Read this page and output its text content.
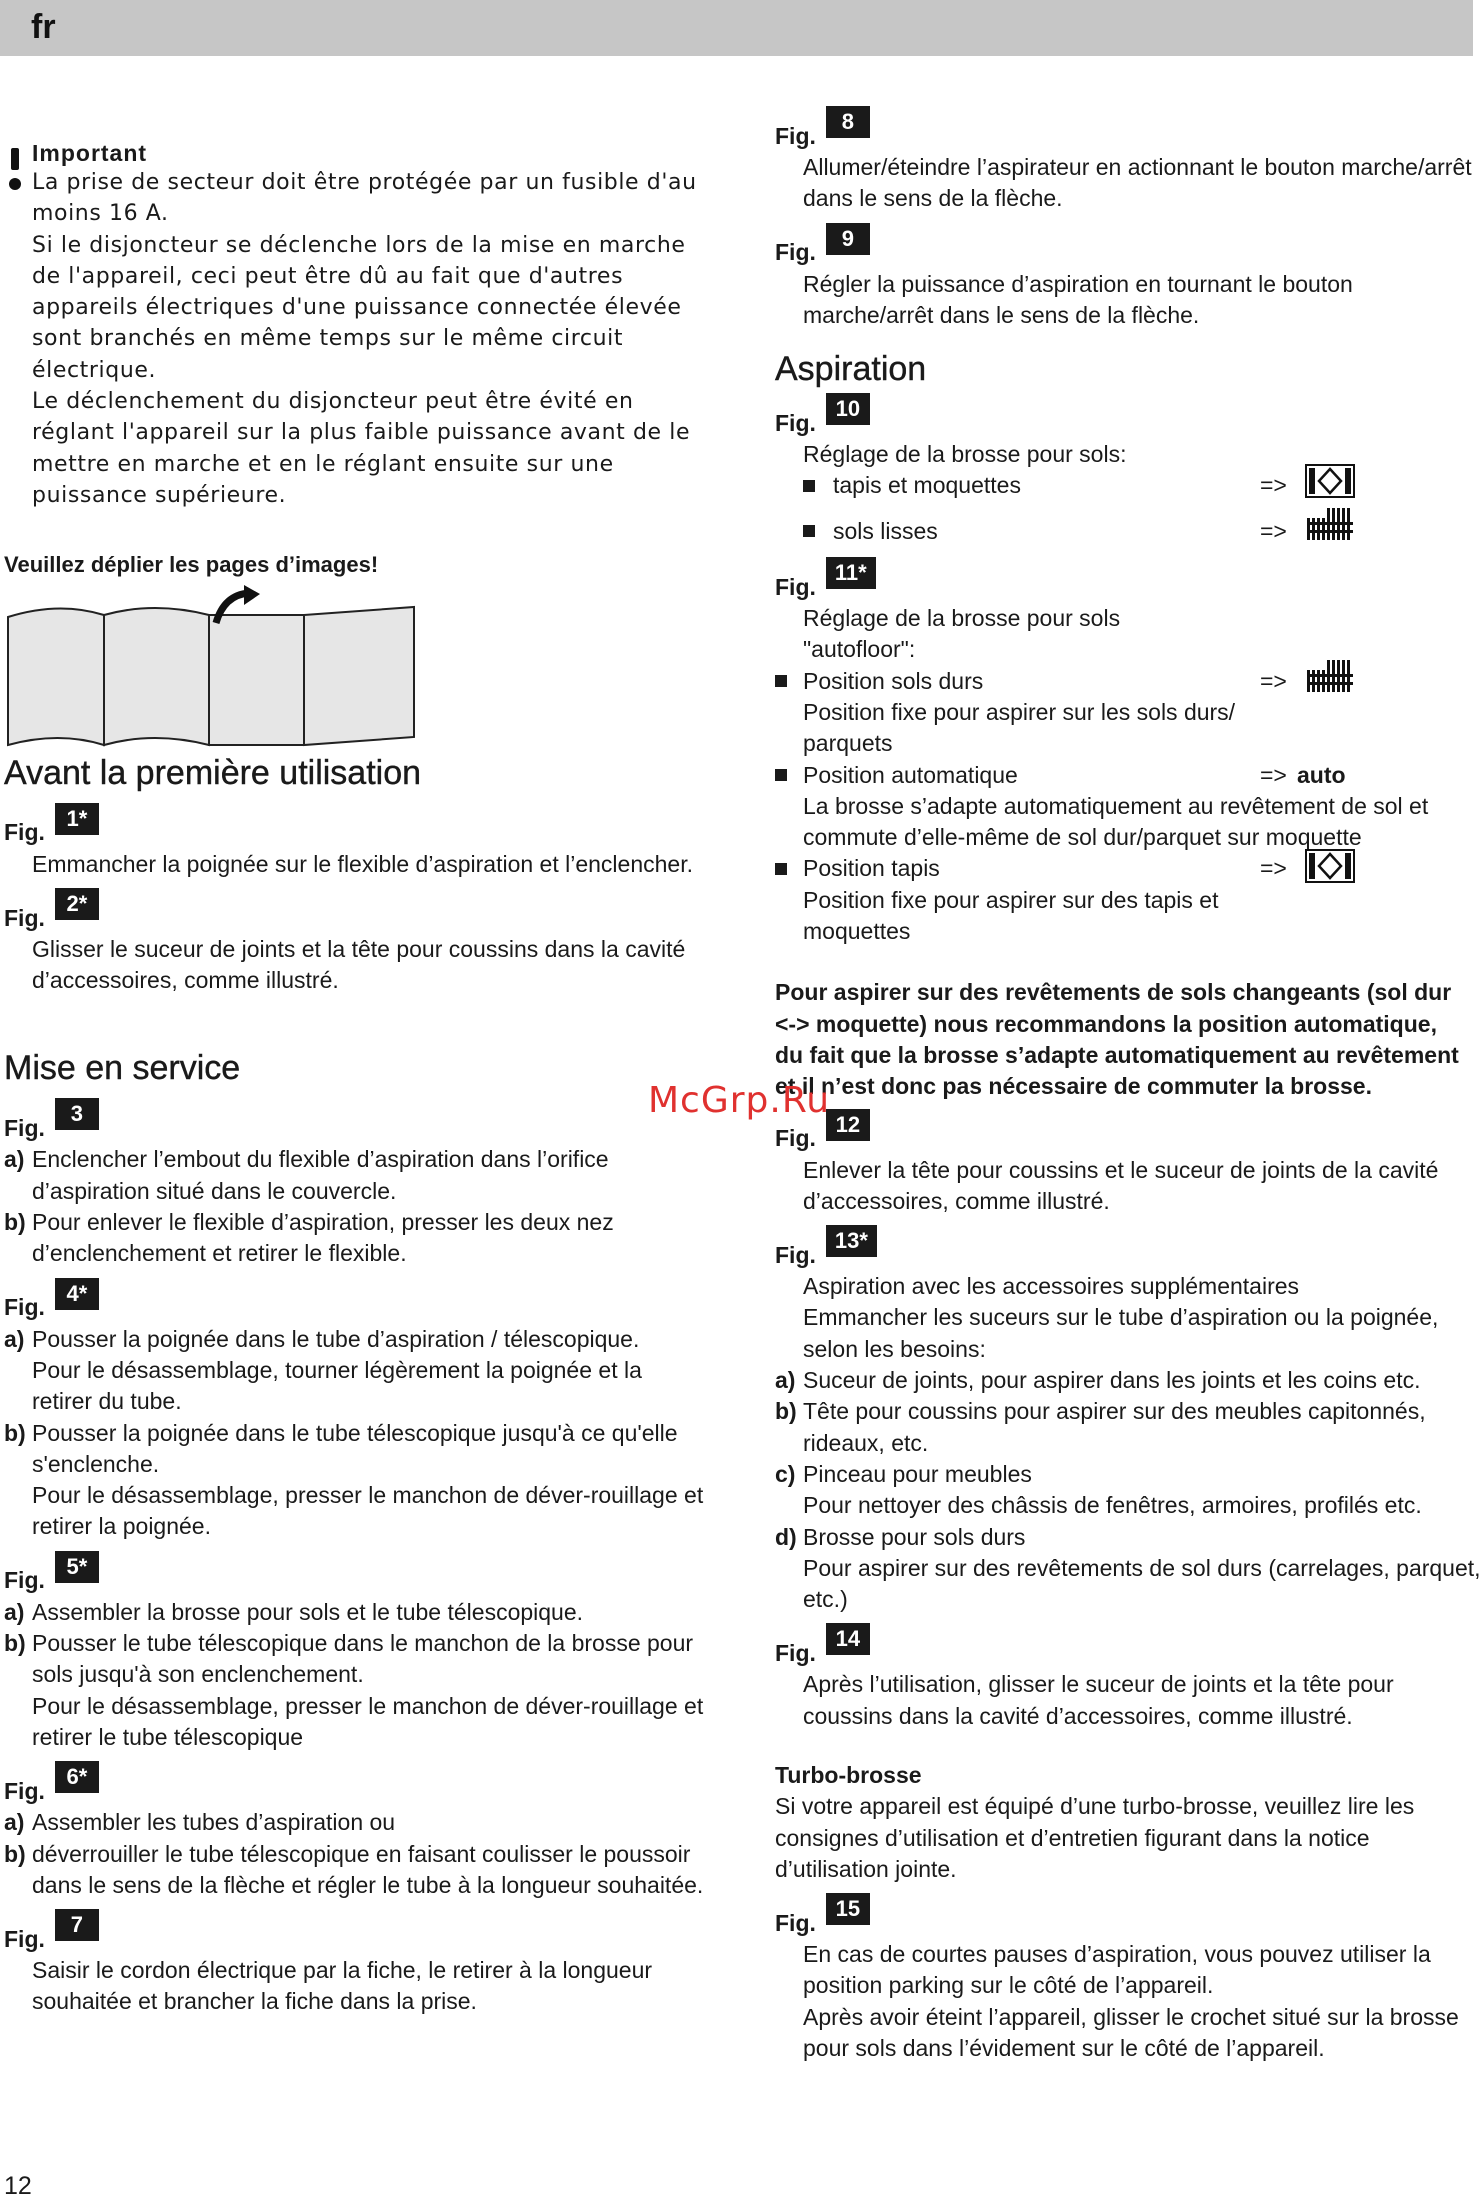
fr
Important
La prise de secteur doit être protégée par un fusible d'au moins 16 A.
Si le disjoncteur se déclenche lors de la mise en marche de l'appareil, ceci peut être dû au fait que d'autres appareils électriques d'une puissance connectée élevée sont branchés en même temps sur le même circuit électrique.
Le déclenchement du disjoncteur peut être évité en réglant l'appareil sur la plus faible puissance avant de le mettre en marche et en le réglant ensuite sur une puissance supérieure.
Veuillez déplier les pages d’images!
Avant la première utilisation
Fig.
1*
Emmancher la poignée sur le flexible d’aspiration et l’enclencher.
Fig.
2*
Glisser le suceur de joints et la tête pour coussins dans la cavité d’accessoires, comme illustré.
Mise en service
Fig.
3
a) Enclencher l’embout du flexible d’aspiration dans l’orifice d’aspiration situé dans le couvercle.
b) Pour enlever le flexible d’aspiration, presser les deux nez d’enclenchement et retirer le flexible.
Fig.
4*
a) Pousser la poignée dans le tube d’aspiration / télescopique.
Pour le désassemblage, tourner légèrement la poignée et la retirer du tube.
b) Pousser la poignée dans le tube télescopique jusqu'à ce qu'elle s'enclenche.
Pour le désassemblage, presser le manchon de déver-rouillage et retirer la poignée.
Fig.
5*
a) Assembler la brosse pour sols et le tube télescopique.
b) Pousser le tube télescopique dans le manchon de la brosse pour sols jusqu'à son enclenchement.
Pour le désassemblage, presser le manchon de déver-rouillage et retirer le tube télescopique
Fig.
6*
a) Assembler les tubes d’aspiration ou
b) déverrouiller le tube télescopique en faisant coulisser le poussoir dans le sens de la flèche et régler le tube à la longueur souhaitée.
Fig.
7
Saisir le cordon électrique par la fiche, le retirer à la longueur souhaitée et brancher la fiche dans la prise.
Fig.
8
Allumer/éteindre l’aspirateur en actionnant le bouton marche/arrêt dans le sens de la flèche.
Fig.
9
Régler la puissance d’aspiration en tournant le bouton marche/arrêt dans le sens de la flèche.
Aspiration
Fig.
10
Réglage de la brosse pour sols:
tapis et moquettes	=>
sols lisses	=>
Fig.
11*
Réglage de la brosse pour sols "autofloor":
Position sols durs	=>
Position fixe pour aspirer sur les sols durs/ parquets
Position automatique	=> auto
La brosse s’adapte automatiquement au revêtement de sol et commute d’elle-même de sol dur/parquet sur moquette
Position tapis	=>
Position fixe pour aspirer sur des tapis et moquettes
Pour aspirer sur des revêtements de sols changeants (sol dur <-> moquette) nous recommandons la position automatique, du fait que la brosse s’adapte automatiquement au revêtement et il n’est donc pas nécessaire de commuter la brosse.
Fig.
12
Enlever la tête pour coussins et le suceur de joints de la cavité d’accessoires, comme illustré.
Fig.
13*
Aspiration avec les accessoires supplémentaires
Emmancher les suceurs sur le tube d’aspiration ou la poignée, selon les besoins:
a) Suceur de joints, pour aspirer dans les joints et les coins etc.
b) Tête pour coussins pour aspirer sur des meubles capitonnés, rideaux, etc.
c) Pinceau pour meubles
Pour nettoyer des châssis de fenêtres, armoires, profilés etc.
d) Brosse pour sols durs
Pour aspirer sur des revêtements de sol durs (carrelages, parquet, etc.)
Fig.
14
Après l’utilisation, glisser le suceur de joints et la tête pour coussins dans la cavité d’accessoires, comme illustré.
Turbo-brosse
Si votre appareil est équipé d’une turbo-brosse, veuillez lire les consignes d’utilisation et d’entretien figurant dans la notice d’utilisation jointe.
Fig.
15
En cas de courtes pauses d’aspiration, vous pouvez utiliser la position parking sur le côté de l’appareil.
Après avoir éteint l’appareil, glisser le crochet situé sur la brosse pour sols dans l’évidement sur le côté de l’appareil.
McGrp.Ru
12
